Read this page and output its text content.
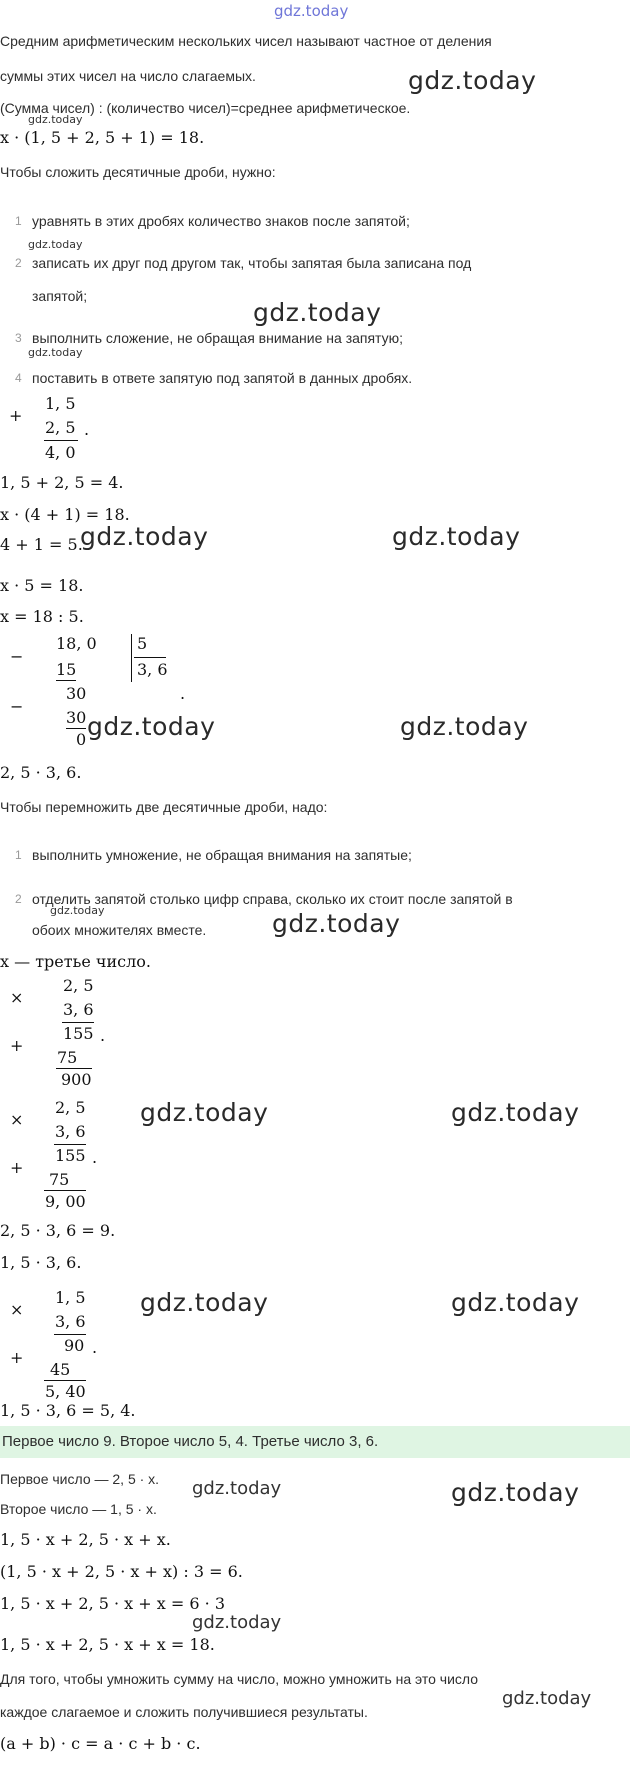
gdz.today
Средним арифметическим нескольких чисел называют частное от деления
суммы этих чисел на число слагаемых.
(Сумма чисел) : (количество чисел)=среднее арифметическое.
x · (1, 5 + 2, 5 + 1) = 18.
Чтобы сложить десятичные дроби, нужно:
1 уравнять в этих дробях количество знаков после запятой;
2 записать их друг под другом так, чтобы запятая была записана под
запятой;
3 выполнить сложение, не обращая внимание на запятую;
4 поставить в ответе запятую под запятой в данных дробях.
+
1, 5
2, 5 .
4, 0
1, 5 + 2, 5 = 4.
x · (4 + 1) = 18.
4 + 1 = 5.
x · 5 = 18.
x = 18 : 5.
−
18, 0	5
3, 6
15
30	.
−
30
0
2, 5 · 3, 6.
Чтобы перемножить две десятичные дроби, надо:
1 выполнить умножение, не обращая внимания на запятые;
2 отделить запятой столько цифр справа, сколько их стоит после запятой в
обоих множителях вместе.
x — третье число.
×
2, 5
3, 6
155 .
+
75
900
×
2, 5
3, 6
155 .
+
75
9, 00
2, 5 · 3, 6 = 9.
1, 5 · 3, 6.
×
1, 5
3, 6
90 .
+
45
5, 40
1, 5 · 3, 6 = 5, 4.
Первое число 9. Второе число 5, 4. Третье число 3, 6.
Первое число — 2, 5 · x.
Второе число — 1, 5 · x.
1, 5 · x + 2, 5 · x + x.
(1, 5 · x + 2, 5 · x + x) : 3 = 6.
1, 5 · x + 2, 5 · x + x = 6 · 3
1, 5 · x + 2, 5 · x + x = 18.
Для того, чтобы умножить сумму на число, можно умножить на это число
каждое слагаемое и сложить получившиеся результаты.
(a + b) · c = a · c + b · c.
gdz.today
gdz.today
gdz.today
gdz.today
gdz.today
gdz.today	gdz.today
gdz.today	gdz.today
gdz.today	gdz.today
gdz.today	gdz.today
gdz.today	gdz.today
gdz.today	gdz.today
gdz.today
gdz.today
